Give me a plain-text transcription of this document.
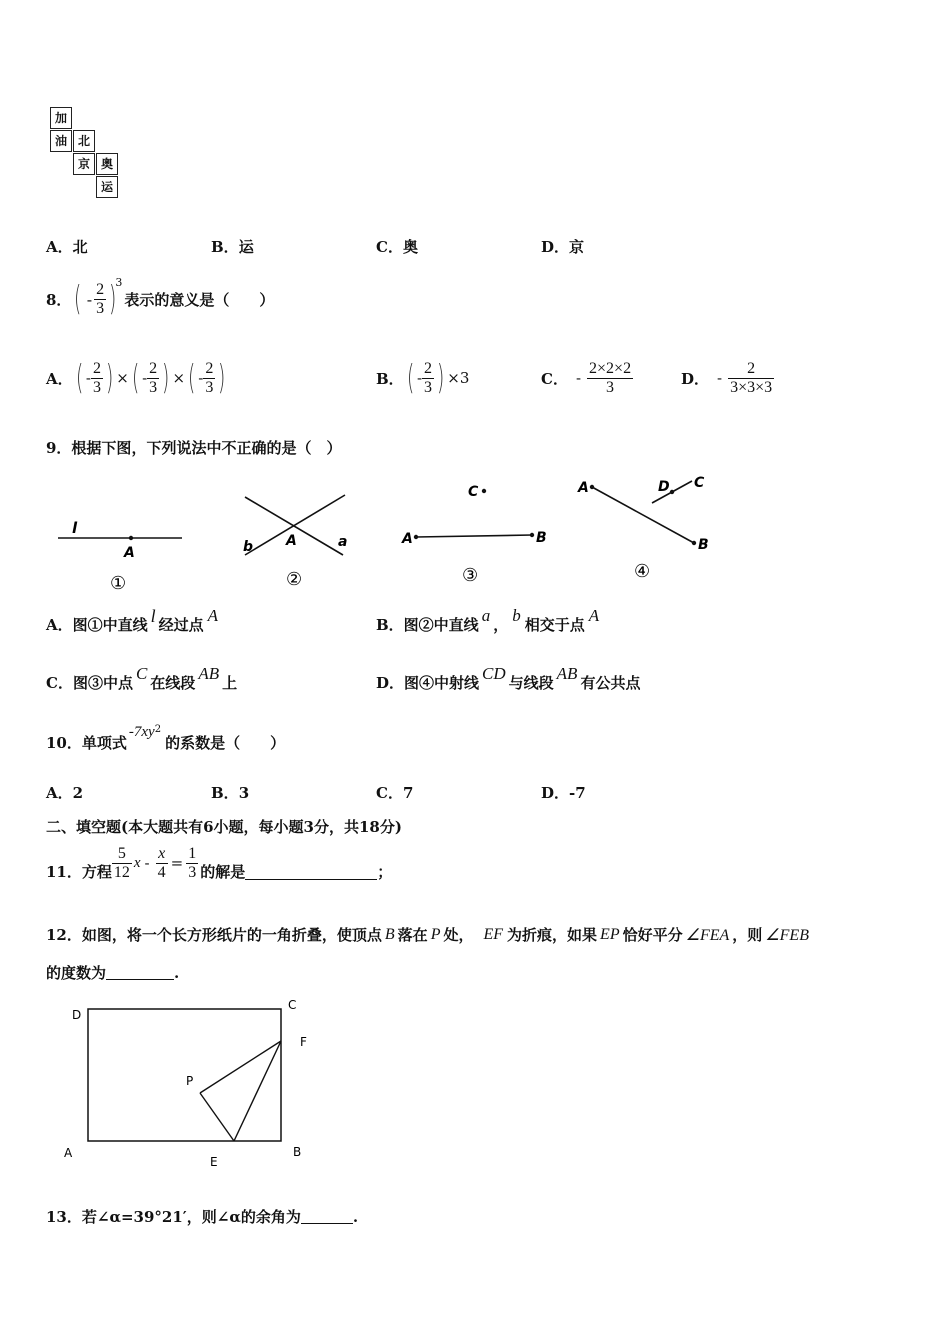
加
油 北
京 奥
运
A． 北	B． 运	C． 奥	D． 京
8． ( - $\frac{2}{3}$ )
3
表示的意义是（　　）
A． ( - $\frac{2}{3}$ ) × ( - $\frac{2}{3}$ ) × ( - $\frac{2}{3}$ )	B． ( - $\frac{2}{3}$ ) ×3	C． - $\frac{2\times 2\times 2}{3}$	D． - $\frac{2}{3\times 3\times 3}$
9．根据下图，下列说法中不正确的是（　）
l
A
①
b A	a
②
C
A	B
③
A
B
D C
④
A．图①中直线 l 经过点 A	B．图②中直线 a ， b 相交于点 A
C．图③中点 C 在线段 AB 上	D．图④中射线 CD 与线段 AB 有公共点
10．单项式
-7xy 2
的系数是（　　）
A． 2	B． 3	C． 7	D． -7
二、填空题(本大题共有6小题，每小题3分，共18分)
11．方程 $\frac{5}{12}$ $x - \frac{x}{4} = \frac{1}{3}$ 的解是	；
12．如图，将一个长方形纸片的一角折叠，使顶点 B 落在 P 处， EF 为折痕，如果 EP 恰好平分 ∠FEA ，则 ∠FEB
的度数为	.
D
C
F
P
A
E
B
13．若∠α=39°21′，则∠α的余角为	.
